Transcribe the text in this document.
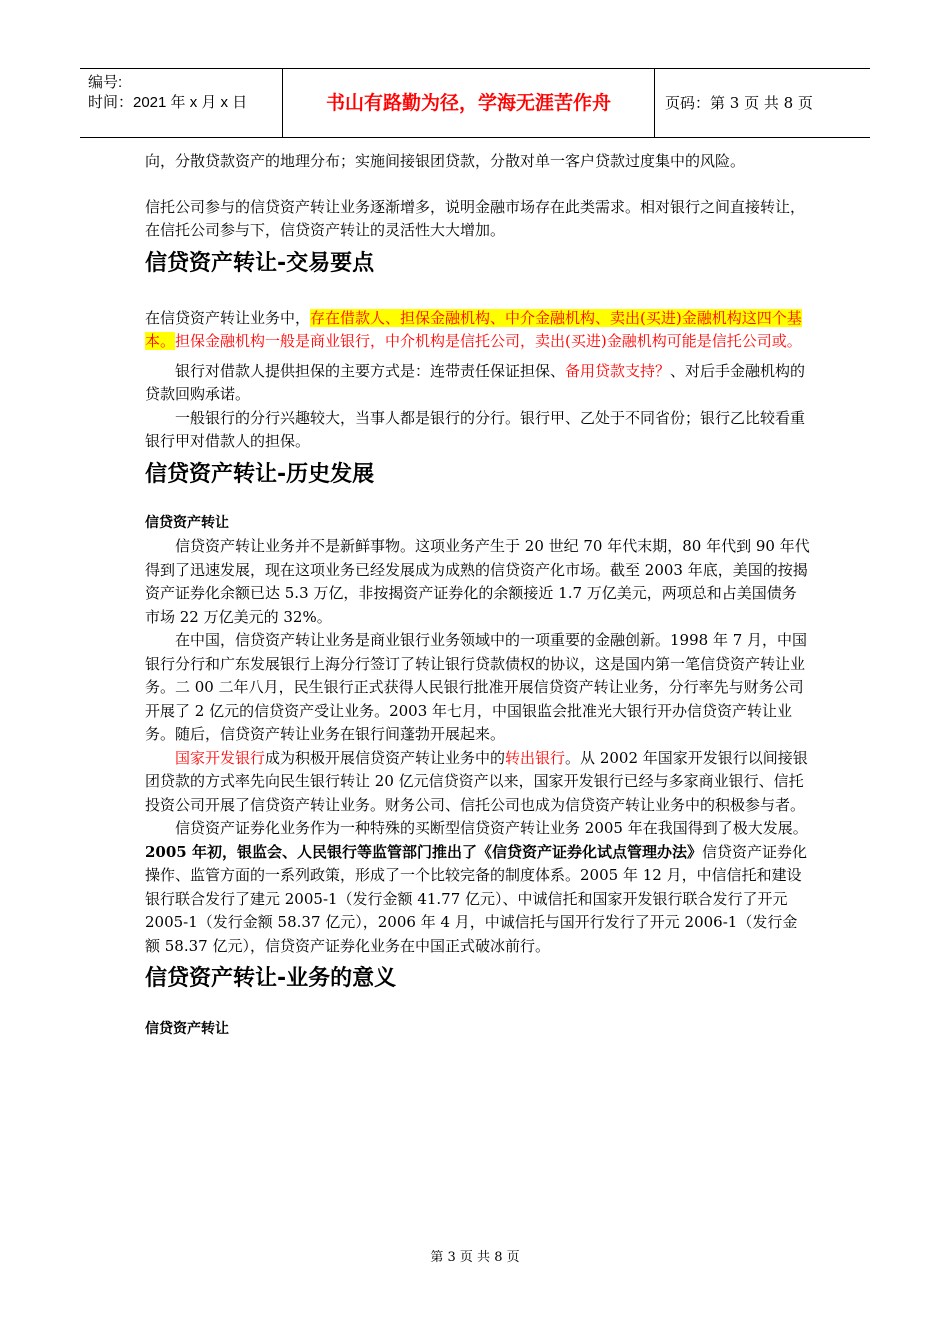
编号:
时间：2021 年 x 月 x 日	书山有路勤为径，学海无涯苦作舟	页码：第 3 页 共 8 页

向，分散贷款资产的地理分布；实施间接银团贷款，分散对单一客户贷款过度集中的风险。

信托公司参与的信贷资产转让业务逐渐增多，说明金融市场存在此类需求。相对银行之间直接转让，在信托公司参与下，信贷资产转让的灵活性大大增加。

信贷资产转让-交易要点

在信贷资产转让业务中，存在借款人、担保金融机构、中介金融机构、卖出(买进)金融机构这四个基本。担保金融机构一般是商业银行，中介机构是信托公司，卖出(买进)金融机构可能是信托公司或。

银行对借款人提供担保的主要方式是：连带责任保证担保、备用贷款支持？、对后手金融机构的贷款回购承诺。

一般银行的分行兴趣较大，当事人都是银行的分行。银行甲、乙处于不同省份；银行乙比较看重银行甲对借款人的担保。

信贷资产转让-历史发展

信贷资产转让

信贷资产转让业务并不是新鲜事物。这项业务产生于 20 世纪 70 年代末期，80 年代到 90 年代得到了迅速发展，现在这项业务已经发展成为成熟的信贷资产化市场。截至 2003 年底，美国的按揭资产证券化余额已达 5.3 万亿，非按揭资产证券化的余额接近 1.7 万亿美元，两项总和占美国债务市场 22 万亿美元的 32%。

在中国，信贷资产转让业务是商业银行业务领域中的一项重要的金融创新。1998 年 7 月，中国银行分行和广东发展银行上海分行签订了转让银行贷款债权的协议，这是国内第一笔信贷资产转让业务。二 00 二年八月，民生银行正式获得人民银行批准开展信贷资产转让业务，分行率先与财务公司开展了 2 亿元的信贷资产受让业务。2003 年七月，中国银监会批准光大银行开办信贷资产转让业务。随后，信贷资产转让业务在银行间蓬勃开展起来。

国家开发银行成为积极开展信贷资产转让业务中的转出银行。从 2002 年国家开发银行以间接银团贷款的方式率先向民生银行转让 20 亿元信贷资产以来，国家开发银行已经与多家商业银行、信托投资公司开展了信贷资产转让业务。财务公司、信托公司也成为信贷资产转让业务中的积极参与者。

信贷资产证券化业务作为一种特殊的买断型信贷资产转让业务 2005 年在我国得到了极大发展。2005 年初，银监会、人民银行等监管部门推出了《信贷资产证券化试点管理办法》信贷资产证券化操作、监管方面的一系列政策，形成了一个比较完备的制度体系。2005 年 12 月，中信信托和建设银行联合发行了建元 2005-1（发行金额 41.77 亿元）、中诚信托和国家开发银行联合发行了开元 2005-1（发行金额 58.37 亿元），2006 年 4 月，中诚信托与国开行发行了开元 2006-1（发行金额 58.37 亿元），信贷资产证券化业务在中国正式破冰前行。

信贷资产转让-业务的意义

信贷资产转让

第 3 页 共 8 页
